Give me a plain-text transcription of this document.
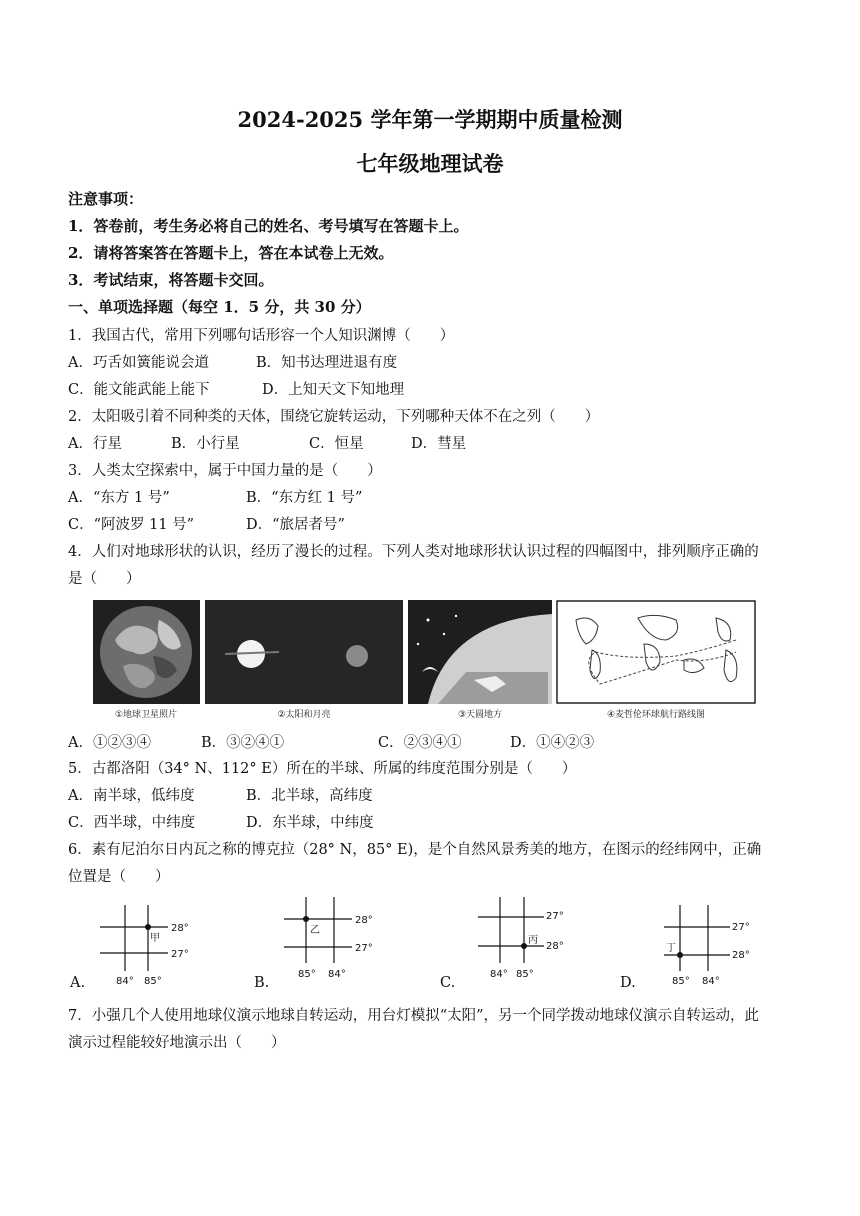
2024-2025 学年第一学期期中质量检测
七年级地理试卷
注意事项：
1．答卷前，考生务必将自己的姓名、考号填写在答题卡上。
2．请将答案答在答题卡上，答在本试卷上无效。
3．考试结束，将答题卡交回。
一、单项选择题（每空 1．5 分，共 30 分）
1．我国古代，常用下列哪句话形容一个人知识渊博（　　）
A．巧舌如簧能说会道	B．知书达理进退有度
C．能文能武能上能下	D．上知天文下知地理
2．太阳吸引着不同种类的天体，围绕它旋转运动，下列哪种天体不在之列（　　）
A．行星	B．小行星	C．恒星	D．彗星
3．人类太空探索中，属于中国力量的是（　　）
A．“东方 1 号”	B．“东方红 1 号”
C．“阿波罗 11 号”	D．“旅居者号”
4．人们对地球形状的认识，经历了漫长的过程。下列人类对地球形状认识过程的四幅图中，排列顺序正确的
是（　　）
①地球卫星照片	②太阳和月亮	③天圆地方	④麦哲伦环球航行路线图
A．①②③④	B．③②④①	C．②③④①	D．①④②③
5．古都洛阳（34° N、112° E）所在的半球、所属的纬度范围分别是（　　）
A．南半球，低纬度	B．北半球，高纬度
C．西半球，中纬度	D．东半球，中纬度
6．素有尼泊尔日内瓦之称的博克拉（28° N，85° E)，是个自然风景秀美的地方，在图示的经纬网中，正确
位置是（　　）
A.
甲
28°
27°
84° 85°	B.
乙
28°
27°
85° 84°
C.
丙
27°
28°
84° 85°
D.
丁
27°
28°
85° 84°
7．小强几个人使用地球仪演示地球自转运动，用台灯模拟“太阳”，另一个同学拨动地球仪演示自转运动，此
演示过程能较好地演示出（　　）
